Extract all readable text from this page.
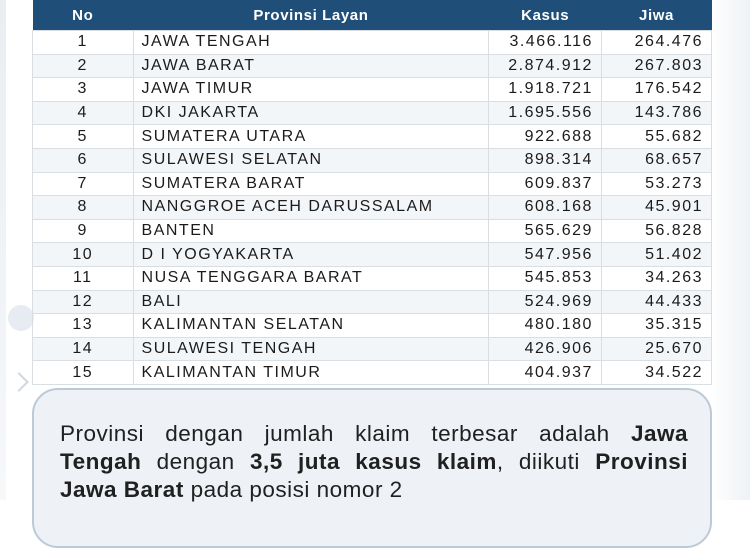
No	Provinsi Layan	Kasus	Jiwa
1	JAWA TENGAH	3.466.116	264.476
2	JAWA BARAT	2.874.912	267.803
3	JAWA TIMUR	1.918.721	176.542
4	DKI JAKARTA	1.695.556	143.786
5	SUMATERA UTARA	922.688	55.682
6	SULAWESI SELATAN	898.314	68.657
7	SUMATERA BARAT	609.837	53.273
8	NANGGROE ACEH DARUSSALAM	608.168	45.901
9	BANTEN	565.629	56.828
10	D I YOGYAKARTA	547.956	51.402
11	NUSA TENGGARA BARAT	545.853	34.263
12	BALI	524.969	44.433
13	KALIMANTAN SELATAN	480.180	35.315
14	SULAWESI TENGAH	426.906	25.670
15	KALIMANTAN TIMUR	404.937	34.522
Provinsi dengan jumlah klaim terbesar adalah Jawa Tengah dengan 3,5 juta kasus klaim, diikuti Provinsi Jawa Barat pada posisi nomor 2
